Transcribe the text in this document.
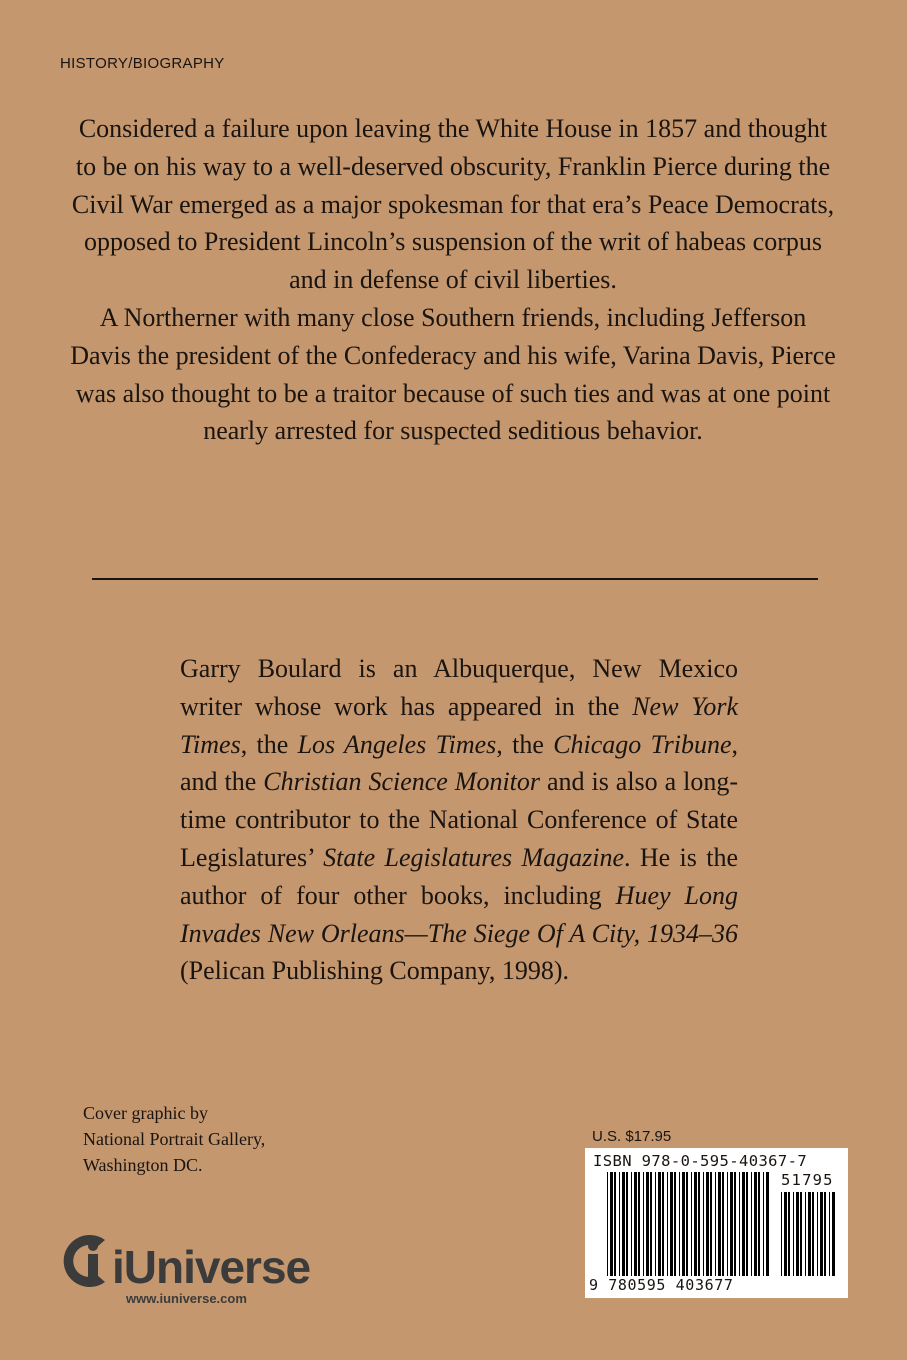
HISTORY/BIOGRAPHY

Considered a failure upon leaving the White House in 1857 and thought to be on his way to a well-deserved obscurity, Franklin Pierce during the Civil War emerged as a major spokesman for that era’s Peace Democrats, opposed to President Lincoln’s suspension of the writ of habeas corpus and in defense of civil liberties.

A Northerner with many close Southern friends, including Jefferson Davis the president of the Confederacy and his wife, Varina Davis, Pierce was also thought to be a traitor because of such ties and was at one point nearly arrested for suspected seditious behavior.

Garry Boulard is an Albuquerque, New Mexico writer whose work has appeared in the New York Times, the Los Angeles Times, the Chicago Tribune, and the Christian Science Monitor and is also a long-time contributor to the National Conference of State Legislatures’ State Legislatures Magazine. He is the author of four other books, including Huey Long Invades New Orleans—The Siege Of A City, 1934–36 (Pelican Publishing Company, 1998).
Cover graphic by
National Portrait Gallery,
Washington DC.
U.S. $17.95
ISBN 978-0-595-40367-7
51795
9 780595 403677
iUniverse
www.iuniverse.com
